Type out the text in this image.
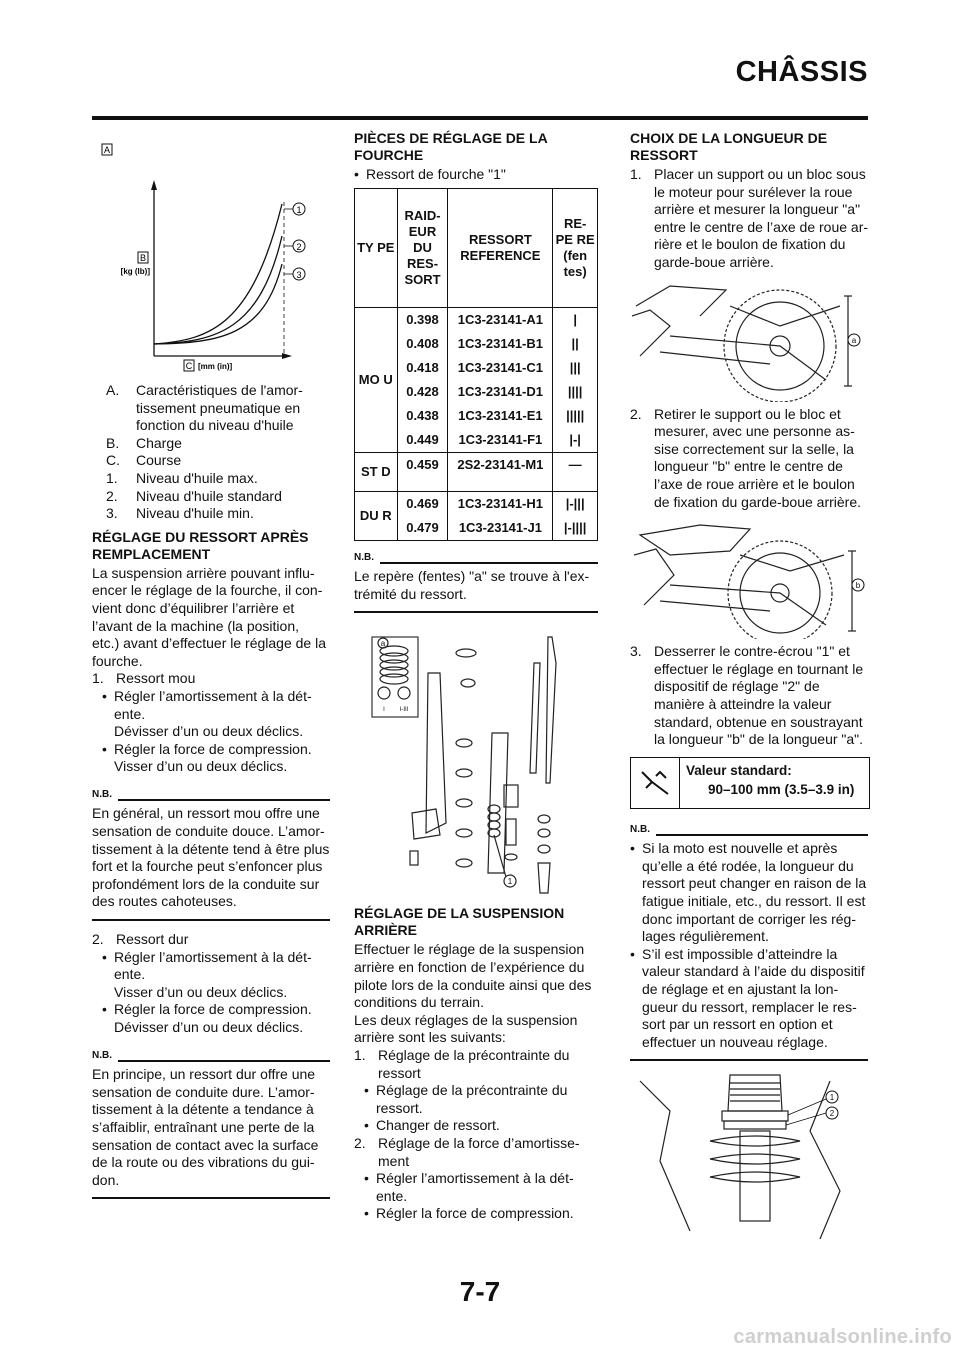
CHÂSSIS
A
1
2
3
B
[kg (lb)]
C [mm (in)]
A. Caractéristiques de l'amor-tissement pneumatique en fonction du niveau d'huile
B. Charge
C. Course
1. Niveau d'huile max.
2. Niveau d'huile standard
3. Niveau d'huile min.
RÉGLAGE DU RESSORT APRÈS REMPLACEMENT

La suspension arrière pouvant influ-encer le réglage de la fourche, il con-vient donc d’équilibrer l’arrière et l’avant de la machine (la position, etc.) avant d’effectuer le réglage de la fourche.

1. Ressort mou
• Régler l’amortissement à la dét-ente.
Dévisser d’un ou deux déclics.
• Régler la force de compression.
Visser d’un ou deux déclics.
N.B.

En général, un ressort mou offre une sensation de conduite douce. L’amor-tissement à la détente tend à être plus fort et la fourche peut s’enfoncer plus profondément lors de la conduite sur des routes cahoteuses.

2. Ressort dur
• Régler l’amortissement à la dét-ente.
Visser d’un ou deux déclics.
• Régler la force de compression.
Dévisser d’un ou deux déclics.
N.B.

En principe, un ressort dur offre une sensation de conduite dure. L’amor-tissement à la détente a tendance à s’affaiblir, entraînant une perte de la sensation de contact avec la surface de la route ou des vibrations du gui-don.

PIÈCES DE RÉGLAGE DE LA FOURCHE
• Ressort de fourche "1"
TY PE	RAID-EUR DU RES-SORT	RESSORT REFERENCE	RE-PE RE (fen tes)
MO U	0.398	1C3-23141-A1	|
	0.408	1C3-23141-B1	||
	0.418	1C3-23141-C1	|||
	0.428	1C3-23141-D1	||||
	0.438	1C3-23141-E1	|||||
	0.449	1C3-23141-F1	|-|
ST D	0.459	2S2-23141-M1	—
DU R	0.469	1C3-23141-H1	|-|||
	0.479	1C3-23141-J1	|-||||
N.B.

Le repère (fentes) "a" se trouve à l'ex-trémité du ressort.

a
I I-III
1
RÉGLAGE DE LA SUSPENSION ARRIÈRE

Effectuer le réglage de la suspension arrière en fonction de l’expérience du pilote lors de la conduite ainsi que des conditions du terrain.

Les deux réglages de la suspension arrière sont les suivants:

1. Réglage de la précontrainte du ressort
• Réglage de la précontrainte du ressort.
• Changer de ressort.
2. Réglage de la force d’amortisse-ment
• Régler l’amortissement à la dét-ente.
• Régler la force de compression.
CHOIX DE LA LONGUEUR DE RESSORT
1. Placer un support ou un bloc sous le moteur pour surélever la roue arrière et mesurer la longueur "a" entre le centre de l’axe de roue ar-rière et le boulon de fixation du garde-boue arrière.
a
2. Retirer le support ou le bloc et mesurer, avec une personne as-sise correctement sur la selle, la longueur "b" entre le centre de l’axe de roue arrière et le boulon de fixation du garde-boue arrière.
b
3. Desserrer le contre-écrou "1" et effectuer le réglage en tournant le dispositif de réglage "2" de manière à atteindre la valeur standard, obtenue en soustrayant la longueur "b" de la longueur "a".
Valeur standard:
90–100 mm (3.5–3.9 in)
N.B.
• Si la moto est nouvelle et après qu’elle a été rodée, la longueur du ressort peut changer en raison de la fatigue initiale, etc., du ressort. Il est donc important de corriger les rég-lages régulièrement.
• S’il est impossible d’atteindre la valeur standard à l’aide du dispositif de réglage et en ajustant la lon-gueur du ressort, remplacer le res-sort par un ressort en option et effectuer un nouveau réglage.
1
2
7-7
carmanualsonline.info
